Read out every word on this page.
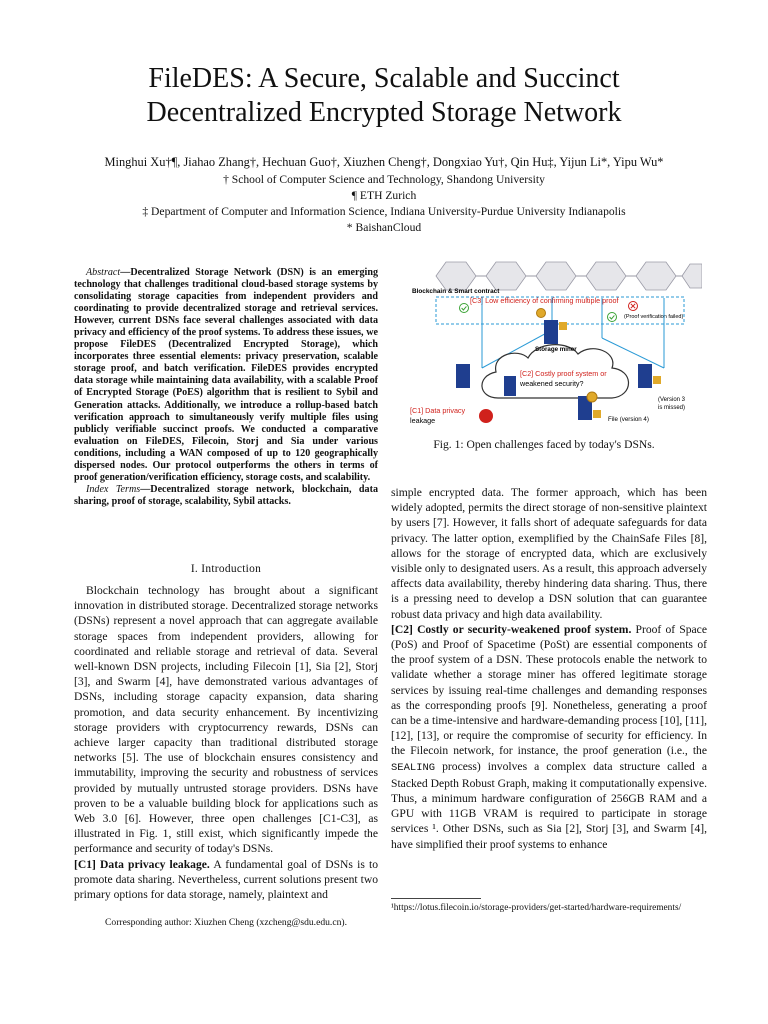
FileDES: A Secure, Scalable and Succinct
Decentralized Encrypted Storage Network
Minghui Xu†¶, Jiahao Zhang†, Hechuan Guo†, Xiuzhen Cheng†, Dongxiao Yu†, Qin Hu‡, Yijun Li*, Yipu Wu*
† School of Computer Science and Technology, Shandong University
¶ ETH Zurich
‡ Department of Computer and Information Science, Indiana University-Purdue University Indianapolis
* BaishanCloud
Abstract—Decentralized Storage Network (DSN) is an emerging technology that challenges traditional cloud-based storage systems by consolidating storage capacities from independent providers and coordinating to provide decentralized storage and retrieval services. However, current DSNs face several challenges associated with data privacy and efficiency of the proof systems. To address these issues, we propose FileDES (Decentralized Encrypted Storage), which incorporates three essential elements: privacy preservation, scalable storage proof, and batch verification. FileDES provides encrypted data storage while maintaining data availability, with a scalable Proof of Encrypted Storage (PoES) algorithm that is resilient to Sybil and Generation attacks. Additionally, we introduce a rollup-based batch verification approach to simultaneously verify multiple files using publicly verifiable succinct proofs. We conducted a comparative evaluation on FileDES, Filecoin, Storj and Sia under various conditions, including a WAN composed of up to 120 geographically dispersed nodes. Our protocol outperforms the others in terms of proof generation/verification efficiency, storage costs, and scalability.
Index Terms—Decentralized storage network, blockchain, data sharing, proof of storage, scalability, Sybil attacks.
I. Introduction

Blockchain technology has brought about a significant innovation in distributed storage. Decentralized storage networks (DSNs) represent a novel approach that can aggregate available storage spaces from independent providers, allowing for coordinated and reliable storage and retrieval of data. Several well-known DSN projects, including Filecoin [1], Sia [2], Storj [3], and Swarm [4], have demonstrated various advantages of DSNs, including storage capacity expansion, data sharing promotion, and data security enhancement. By incentivizing storage providers with cryptocurrency rewards, DSNs can achieve larger capacity than traditional distributed storage networks [5]. The use of blockchain ensures consistency and immutability, improving the security and robustness of services provided by mutually untrusted storage providers. DSNs have proven to be a valuable building block for applications such as Web 3.0 [6]. However, three open challenges [C1-C3], as illustrated in Fig. 1, still exist, which significantly impede the performance and security of today's DSNs.

[C1] Data privacy leakage. A fundamental goal of DSNs is to promote data sharing. Nevertheless, current solutions present two primary options for data storage, namely, plaintext and

Corresponding author: Xiuzhen Cheng (xzcheng@sdu.edu.cn).
Blockchain & Smart contract
[C3] Low efficiency of confirming multiple proof
(Proof verification failed)
Storage miner
[C2] Costly proof system or
weakened security?
[C1] Data privacy
leakage
(Version 3
is missed)
File (version 4)
Fig. 1: Open challenges faced by today's DSNs.

simple encrypted data. The former approach, which has been widely adopted, permits the direct storage of non-sensitive plaintext by users [7]. However, it falls short of adequate safeguards for data privacy. The latter option, exemplified by the ChainSafe Files [8], allows for the storage of encrypted data, which are exclusively visible only to designated users. As a result, this approach adversely affects data availability, thereby hindering data sharing. Thus, there is a pressing need to develop a DSN solution that can guarantee robust data privacy and high data availability.

[C2] Costly or security-weakened proof system. Proof of Space (PoS) and Proof of Spacetime (PoSt) are essential components of the proof system of a DSN. These protocols enable the network to validate whether a storage miner has offered legitimate storage services by issuing real-time challenges and demanding responses as the corresponding proofs [9]. Nonetheless, generating a proof can be a time-intensive and hardware-demanding process [10], [11], [12], [13], or require the compromise of security for efficiency. In the Filecoin network, for instance, the proof generation (i.e., the SEALING process) involves a complex data structure called a Stacked Depth Robust Graph, making it computationally expensive. Thus, a minimum hardware configuration of 256GB RAM and a GPU with 11GB VRAM is required to participate in storage services ¹. Other DSNs, such as Sia [2], Storj [3], and Swarm [4], have simplified their proof systems to enhance

¹https://lotus.filecoin.io/storage-providers/get-started/hardware-requirements/
